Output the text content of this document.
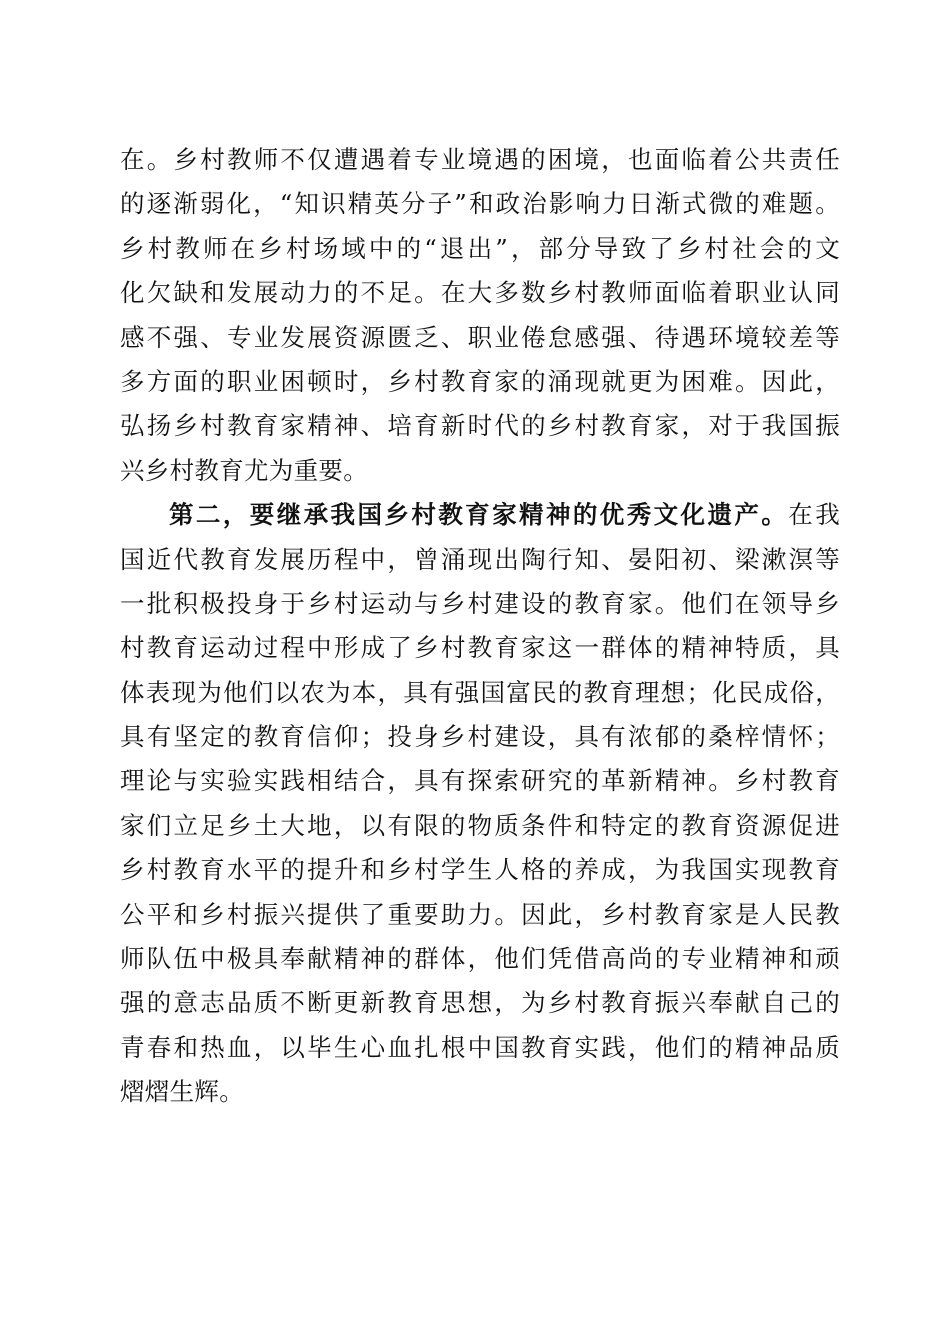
在。乡村教师不仅遭遇着专业境遇的困境，也面临着公共责任
的逐渐弱化，“知识精英分子”和政治影响力日渐式微的难题。
乡村教师在乡村场域中的“退出”，部分导致了乡村社会的文
化欠缺和发展动力的不足。在大多数乡村教师面临着职业认同
感不强、专业发展资源匮乏、职业倦怠感强、待遇环境较差等
多方面的职业困顿时，乡村教育家的涌现就更为困难。因此，
弘扬乡村教育家精神、培育新时代的乡村教育家，对于我国振
兴乡村教育尤为重要。
第二，要继承我国乡村教育家精神的优秀文化遗产。在我
国近代教育发展历程中，曾涌现出陶行知、晏阳初、梁漱溟等
一批积极投身于乡村运动与乡村建设的教育家。他们在领导乡
村教育运动过程中形成了乡村教育家这一群体的精神特质，具
体表现为他们以农为本，具有强国富民的教育理想；化民成俗，
具有坚定的教育信仰；投身乡村建设，具有浓郁的桑梓情怀；
理论与实验实践相结合，具有探索研究的革新精神。乡村教育
家们立足乡土大地，以有限的物质条件和特定的教育资源促进
乡村教育水平的提升和乡村学生人格的养成，为我国实现教育
公平和乡村振兴提供了重要助力。因此，乡村教育家是人民教
师队伍中极具奉献精神的群体，他们凭借高尚的专业精神和顽
强的意志品质不断更新教育思想，为乡村教育振兴奉献自己的
青春和热血，以毕生心血扎根中国教育实践，他们的精神品质
熠熠生辉。
